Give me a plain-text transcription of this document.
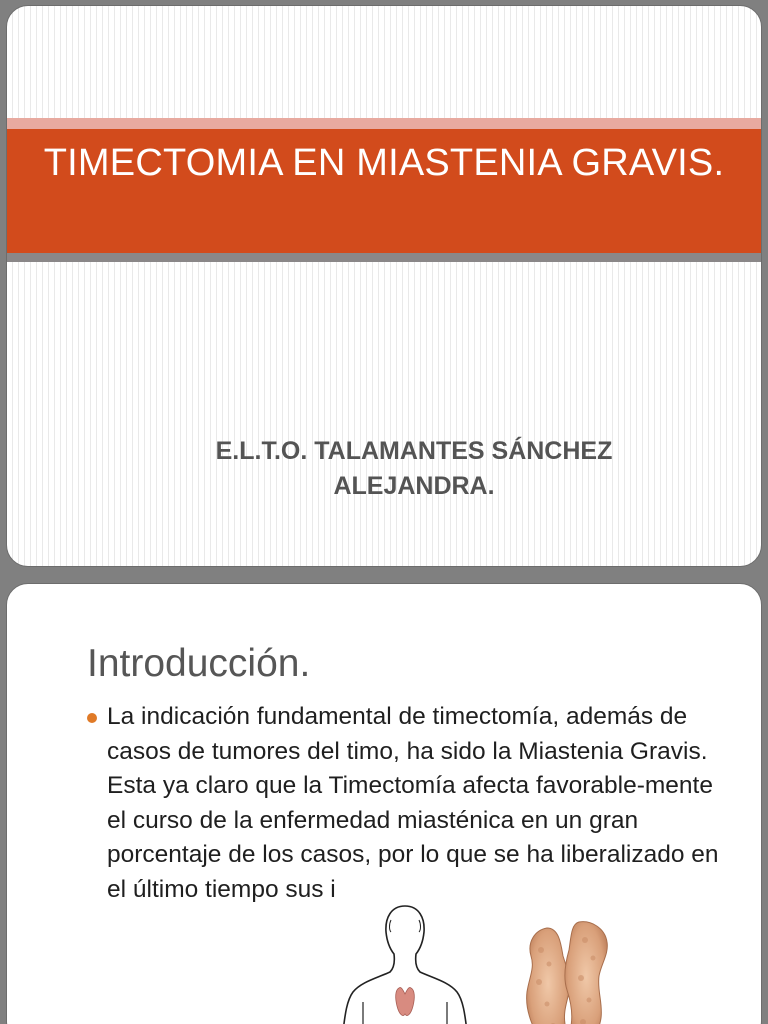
TIMECTOMIA EN MIASTENIA GRAVIS.

E.L.T.O. TALAMANTES SÁNCHEZ
ALEJANDRA.

Introducción.
La indicación fundamental de timectomía, además de casos de tumores del timo, ha sido la Miastenia Gravis. Esta ya claro que la Timectomía afecta favorable-mente el curso de la enfermedad miasténica en un gran porcentaje de los casos, por lo que se ha liberalizado en el último tiempo sus i
